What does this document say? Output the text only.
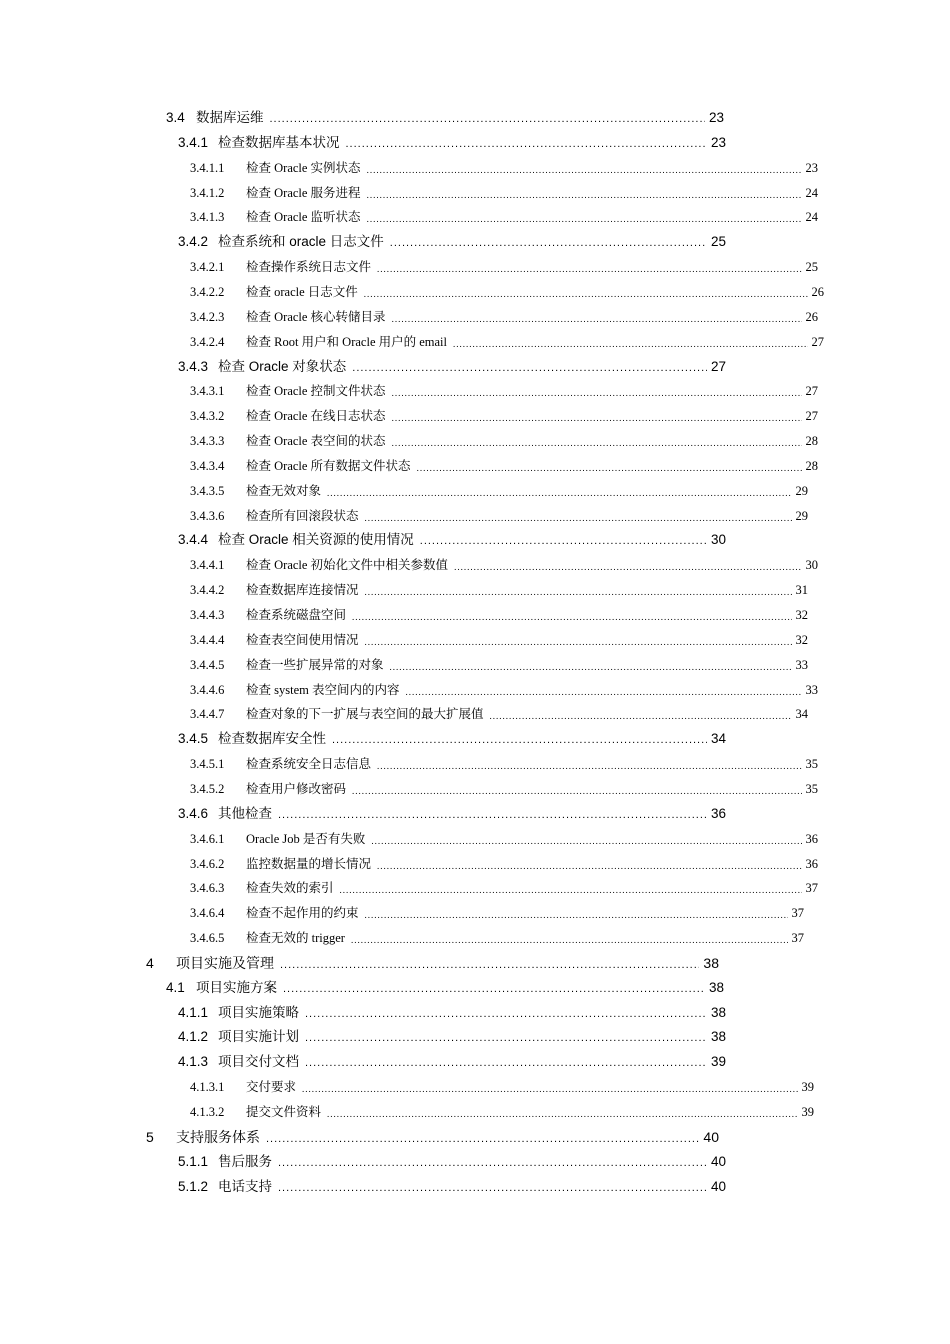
3.4 数据库运维 .....	23
3.4.1 检查数据库基本状况 .....	23
3.4.1.1	检查 Oracle 实例状态 .....	23
3.4.1.2	检查 Oracle 服务进程 .....	24
3.4.1.3	检查 Oracle 监听状态 .....	24
3.4.2 检查系统和 oracle 日志文件 .....	25
3.4.2.1	检查操作系统日志文件 .....	25
3.4.2.2	检查 oracle 日志文件 .....	26
3.4.2.3	检查 Oracle 核心转储目录 .....	26
3.4.2.4	检查 Root 用户和 Oracle 用户的 email .....	27
3.4.3 检查 Oracle 对象状态 .....	27
3.4.3.1	检查 Oracle 控制文件状态 .....	27
3.4.3.2	检查 Oracle 在线日志状态 .....	27
3.4.3.3	检查 Oracle 表空间的状态 .....	28
3.4.3.4	检查 Oracle 所有数据文件状态 .....	28
3.4.3.5	检查无效对象 .....	29
3.4.3.6	检查所有回滚段状态 .....	29
3.4.4 检查 Oracle 相关资源的使用情况 .....	30
3.4.4.1	检查 Oracle 初始化文件中相关参数值 .....	30
3.4.4.2	检查数据库连接情况 .....	31
3.4.4.3	检查系统磁盘空间 .....	32
3.4.4.4	检查表空间使用情况 .....	32
3.4.4.5	检查一些扩展异常的对象 .....	33
3.4.4.6	检查 system 表空间内的内容 .....	33
3.4.4.7	检查对象的下一扩展与表空间的最大扩展值 .....	34
3.4.5 检查数据库安全性 .....	34
3.4.5.1	检查系统安全日志信息 .....	35
3.4.5.2	检查用户修改密码 .....	35
3.4.6 其他检查 .....	36
3.4.6.1	Oracle Job 是否有失败 .....	36
3.4.6.2	监控数据量的增长情况 .....	36
3.4.6.3	检查失效的索引 .....	37
3.4.6.4	检查不起作用的约束 .....	37
3.4.6.5	检查无效的 trigger .....	37
4	项目实施及管理 .....	38
4.1 项目实施方案 .....	38
4.1.1 项目实施策略 .....	38
4.1.2 项目实施计划 .....	38
4.1.3 项目交付文档 .....	39
4.1.3.1	交付要求 .....	39
4.1.3.2	提交文件资料 .....	39
5	支持服务体系 .....	40
5.1.1 售后服务 .....	40
5.1.2 电话支持 .....	40
